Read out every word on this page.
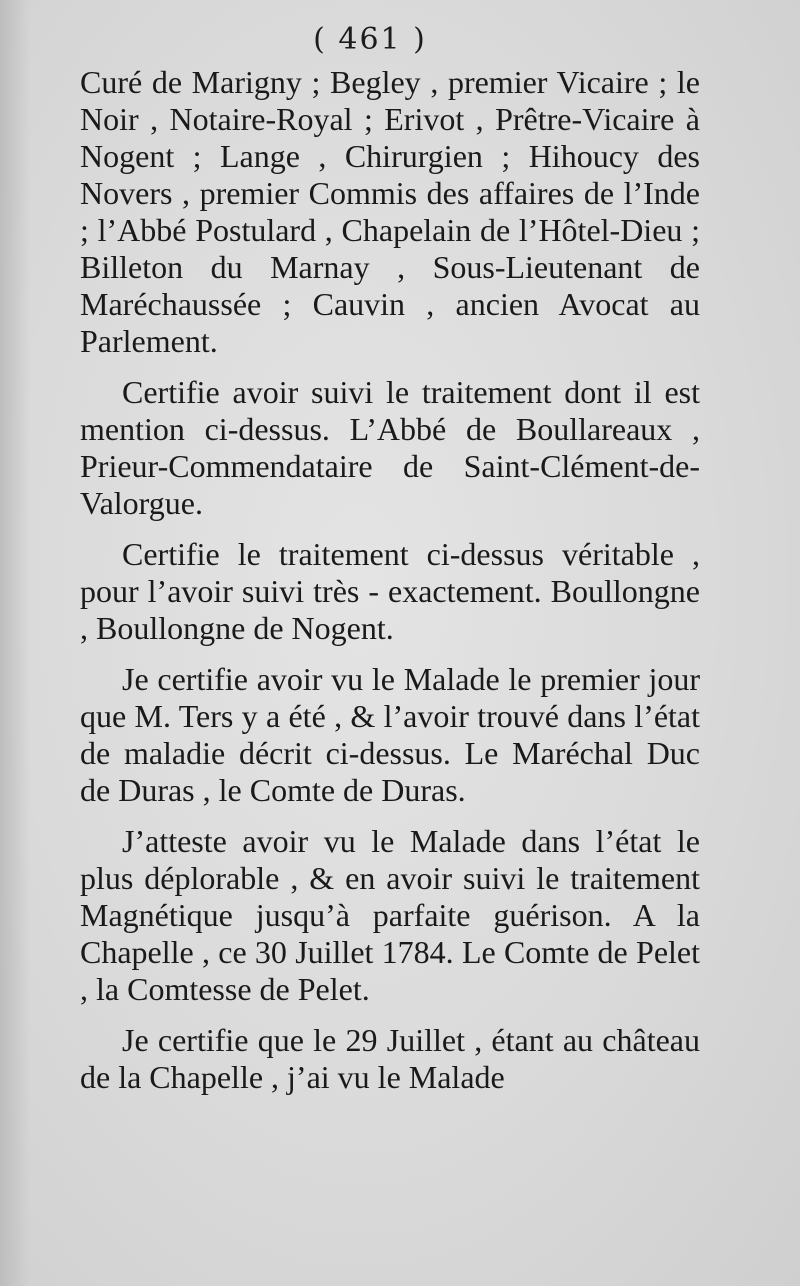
( 461 )

Curé de Marigny ; Begley , premier Vicaire ; le Noir , Notaire-Royal ; Erivot , Prêtre-Vicaire à Nogent ; Lange , Chirurgien ; Hihoucy des Novers , premier Commis des affaires de l’Inde ; l’Abbé Postulard , Chapelain de l’Hôtel-Dieu ; Billeton du Marnay , Sous-Lieutenant de Maréchaussée ; Cauvin , ancien Avocat au Parlement.

Certifie avoir suivi le traitement dont il est mention ci-dessus. L’Abbé de Boullareaux , Prieur-Commendataire de Saint-Clément-de-Valorgue.

Certifie le traitement ci-dessus véritable , pour l’avoir suivi très - exactement. Boullongne , Boullongne de Nogent.

Je certifie avoir vu le Malade le premier jour que M. Ters y a été , & l’avoir trouvé dans l’état de maladie décrit ci-dessus. Le Maréchal Duc de Duras , le Comte de Duras.

J’atteste avoir vu le Malade dans l’état le plus déplorable , & en avoir suivi le traitement Magnétique jusqu’à parfaite guérison. A la Chapelle , ce 30 Juillet 1784. Le Comte de Pelet , la Comtesse de Pelet.

Je certifie que le 29 Juillet , étant au château de la Chapelle , j’ai vu le Malade
